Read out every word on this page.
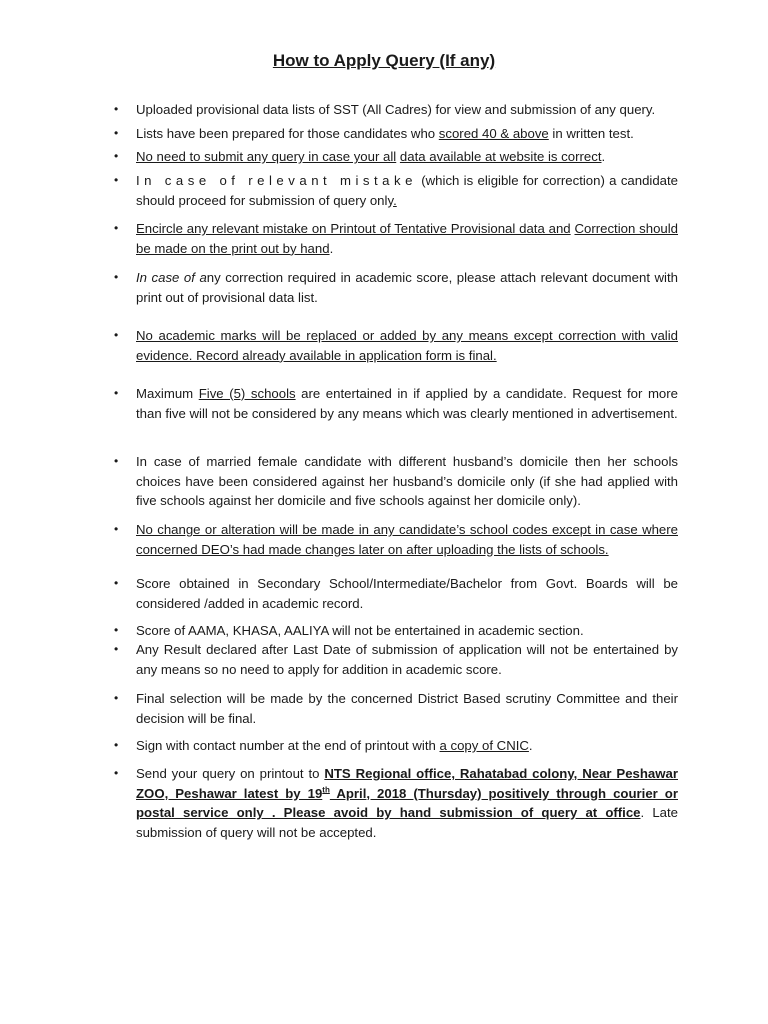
How to Apply Query (If any)
• Uploaded provisional data lists of SST (All Cadres) for view and submission of any query.
• Lists have been prepared for those candidates who scored 40 & above in written test.
• No need to submit any query in case your all data available at website is correct.
• In case of relevant mistake (which is eligible for correction) a candidate should proceed for submission of query only.
• Encircle any relevant mistake on Printout of Tentative Provisional data and Correction should be made on the print out by hand.
• In case of any correction required in academic score, please attach relevant document with print out of provisional data list.
• No academic marks will be replaced or added by any means except correction with valid evidence. Record already available in application form is final.
• Maximum Five (5) schools are entertained in if applied by a candidate. Request for more than five will not be considered by any means which was clearly mentioned in advertisement.
• In case of married female candidate with different husband’s domicile then her schools choices have been considered against her husband’s domicile only (if she had applied with five schools against her domicile and five schools against her domicile only).
• No change or alteration will be made in any candidate’s school codes except in case where concerned DEO’s had made changes later on after uploading the lists of schools.
• Score obtained in Secondary School/Intermediate/Bachelor from Govt. Boards will be considered /added in academic record.
• Score of AAMA, KHASA, AALIYA will not be entertained in academic section.
• Any Result declared after Last Date of submission of application will not be entertained by any means so no need to apply for addition in academic score.
• Final selection will be made by the concerned District Based scrutiny Committee and their decision will be final.
• Sign with contact number at the end of printout with a copy of CNIC.
• Send your query on printout to NTS Regional office, Rahatabad colony, Near Peshawar ZOO, Peshawar latest by 19th April, 2018 (Thursday) positively through courier or postal service only . Please avoid by hand submission of query at office. Late submission of query will not be accepted.
